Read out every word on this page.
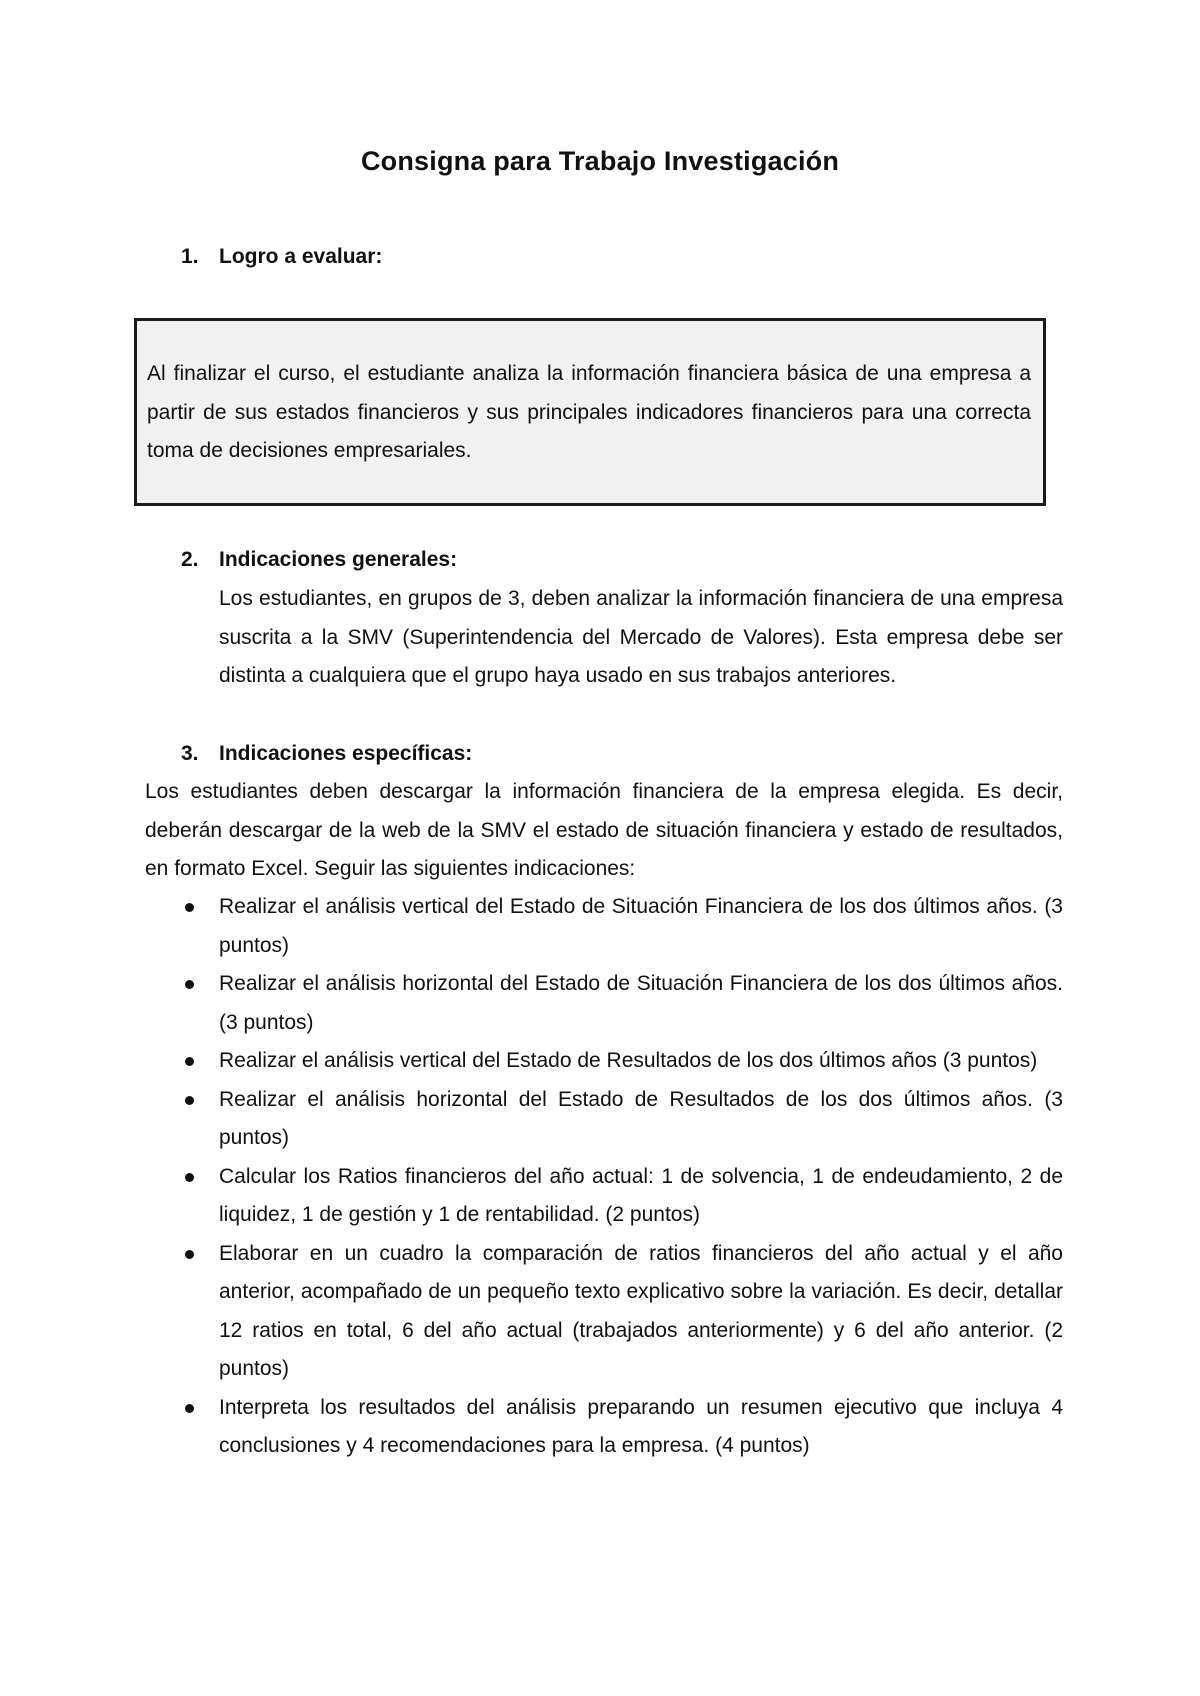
Consigna para Trabajo Investigación
1. Logro a evaluar:
Al finalizar el curso, el estudiante analiza la información financiera básica de una empresa a partir de sus estados financieros y sus principales indicadores financieros para una correcta toma de decisiones empresariales.
2. Indicaciones generales:
Los estudiantes, en grupos de 3, deben analizar la información financiera de una empresa suscrita a la SMV (Superintendencia del Mercado de Valores). Esta empresa debe ser distinta a cualquiera que el grupo haya usado en sus trabajos anteriores.
3. Indicaciones específicas:
Los estudiantes deben descargar la información financiera de la empresa elegida. Es decir, deberán descargar de la web de la SMV el estado de situación financiera y estado de resultados, en formato Excel. Seguir las siguientes indicaciones:
Realizar el análisis vertical del Estado de Situación Financiera de los dos últimos años. (3 puntos)
Realizar el análisis horizontal del Estado de Situación Financiera de los dos últimos años. (3 puntos)
Realizar el análisis vertical del Estado de Resultados de los dos últimos años (3 puntos)
Realizar el análisis horizontal del Estado de Resultados de los dos últimos años. (3 puntos)
Calcular los Ratios financieros del año actual: 1 de solvencia, 1 de endeudamiento, 2 de liquidez, 1 de gestión y 1 de rentabilidad. (2 puntos)
Elaborar en un cuadro la comparación de ratios financieros del año actual y el año anterior, acompañado de un pequeño texto explicativo sobre la variación. Es decir, detallar 12 ratios en total, 6 del año actual (trabajados anteriormente) y 6 del año anterior. (2 puntos)
Interpreta los resultados del análisis preparando un resumen ejecutivo que incluya 4 conclusiones y 4 recomendaciones para la empresa. (4 puntos)
